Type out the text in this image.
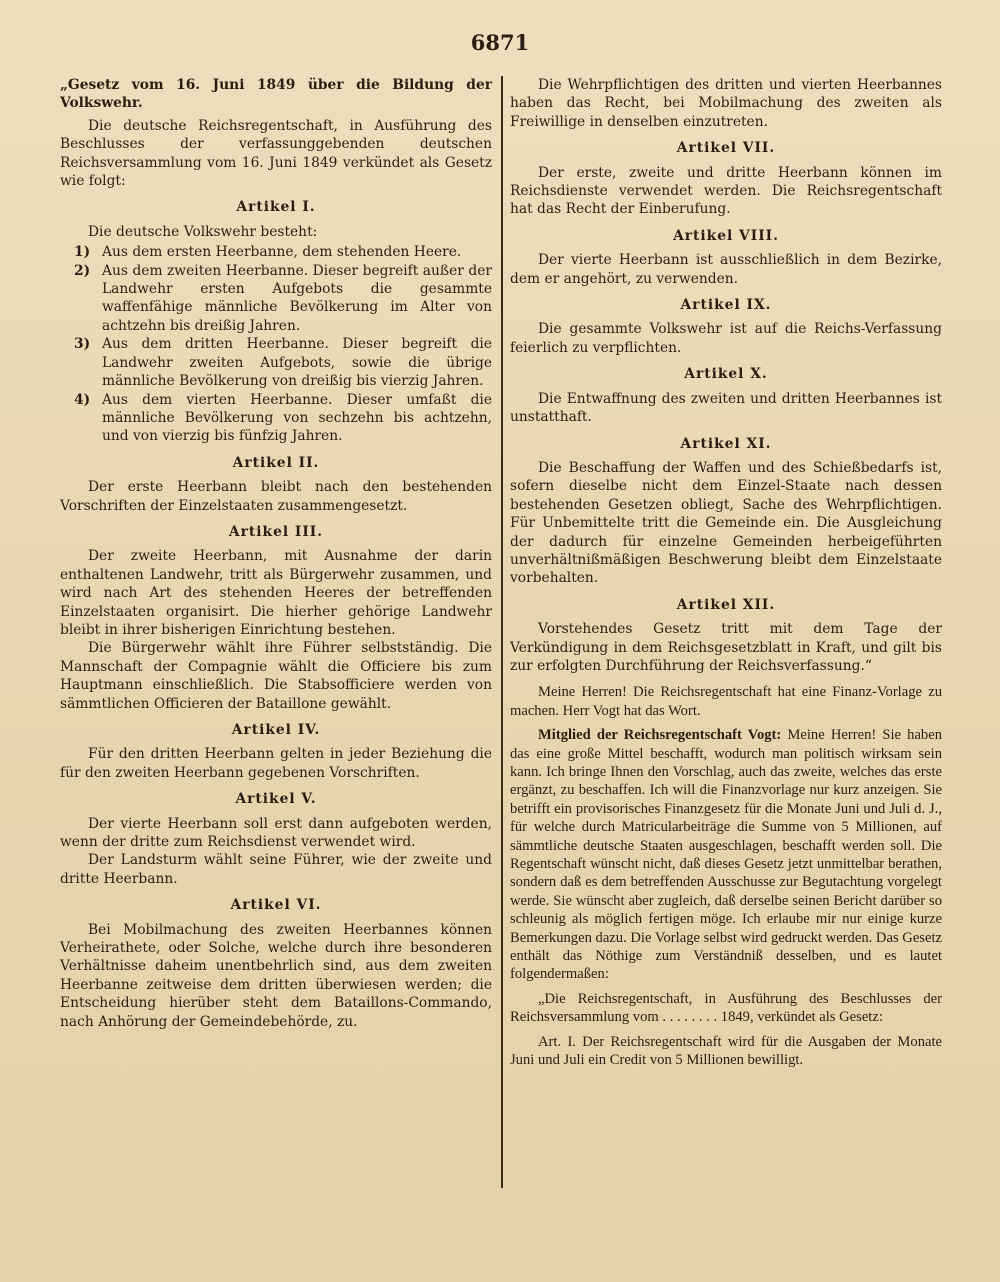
6871

„Gesetz vom 16. Juni 1849 über die Bildung der Volkswehr.

Die deutsche Reichsregentschaft, in Ausführung des Beschlusses der verfassunggebenden deutschen Reichsversammlung vom 16. Juni 1849 verkündet als Gesetz wie folgt:

Artikel I.

Die deutsche Volkswehr besteht:

1) Aus dem ersten Heerbanne, dem stehenden Heere.
2) Aus dem zweiten Heerbanne. Dieser begreift außer der Landwehr ersten Aufgebots die gesammte waffenfähige männliche Bevölkerung im Alter von achtzehn bis dreißig Jahren.
3) Aus dem dritten Heerbanne. Dieser begreift die Landwehr zweiten Aufgebots, sowie die übrige männliche Bevölkerung von dreißig bis vierzig Jahren.
4) Aus dem vierten Heerbanne. Dieser umfaßt die männliche Bevölkerung von sechzehn bis achtzehn, und von vierzig bis fünfzig Jahren.
Artikel II.

Der erste Heerbann bleibt nach den bestehenden Vorschriften der Einzelstaaten zusammengesetzt.

Artikel III.

Der zweite Heerbann, mit Ausnahme der darin enthaltenen Landwehr, tritt als Bürgerwehr zusammen, und wird nach Art des stehenden Heeres der betreffenden Einzelstaaten organisirt. Die hierher gehörige Landwehr bleibt in ihrer bisherigen Einrichtung bestehen.

Die Bürgerwehr wählt ihre Führer selbstständig. Die Mannschaft der Compagnie wählt die Officiere bis zum Hauptmann einschließlich. Die Stabsofficiere werden von sämmtlichen Officieren der Bataillone gewählt.

Artikel IV.

Für den dritten Heerbann gelten in jeder Beziehung die für den zweiten Heerbann gegebenen Vorschriften.

Artikel V.

Der vierte Heerbann soll erst dann aufgeboten werden, wenn der dritte zum Reichsdienst verwendet wird.

Der Landsturm wählt seine Führer, wie der zweite und dritte Heerbann.

Artikel VI.

Bei Mobilmachung des zweiten Heerbannes können Verheirathete, oder Solche, welche durch ihre besonderen Verhältnisse daheim unentbehrlich sind, aus dem zweiten Heerbanne zeitweise dem dritten überwiesen werden; die Entscheidung hierüber steht dem Bataillons-Commando, nach Anhörung der Gemeindebehörde, zu.

Die Wehrpflichtigen des dritten und vierten Heerbannes haben das Recht, bei Mobilmachung des zweiten als Freiwillige in denselben einzutreten.

Artikel VII.

Der erste, zweite und dritte Heerbann können im Reichsdienste verwendet werden. Die Reichsregentschaft hat das Recht der Einberufung.

Artikel VIII.

Der vierte Heerbann ist ausschließlich in dem Bezirke, dem er angehört, zu verwenden.

Artikel IX.

Die gesammte Volkswehr ist auf die Reichs-Verfassung feierlich zu verpflichten.

Artikel X.

Die Entwaffnung des zweiten und dritten Heerbannes ist unstatthaft.

Artikel XI.

Die Beschaffung der Waffen und des Schießbedarfs ist, sofern dieselbe nicht dem Einzel-Staate nach dessen bestehenden Gesetzen obliegt, Sache des Wehrpflichtigen. Für Unbemittelte tritt die Gemeinde ein. Die Ausgleichung der dadurch für einzelne Gemeinden herbeigeführten unverhältnißmäßigen Beschwerung bleibt dem Einzelstaate vorbehalten.

Artikel XII.

Vorstehendes Gesetz tritt mit dem Tage der Verkündigung in dem Reichsgesetzblatt in Kraft, und gilt bis zur erfolgten Durchführung der Reichsverfassung.“

Meine Herren! Die Reichsregentschaft hat eine Finanz-Vorlage zu machen. Herr Vogt hat das Wort.

Mitglied der Reichsregentschaft Vogt: Meine Herren! Sie haben das eine große Mittel beschafft, wodurch man politisch wirksam sein kann. Ich bringe Ihnen den Vorschlag, auch das zweite, welches das erste ergänzt, zu beschaffen. Ich will die Finanzvorlage nur kurz anzeigen. Sie betrifft ein provisorisches Finanzgesetz für die Monate Juni und Juli d. J., für welche durch Matricularbeiträge die Summe von 5 Millionen, auf sämmtliche deutsche Staaten ausgeschlagen, beschafft werden soll. Die Regentschaft wünscht nicht, daß dieses Gesetz jetzt unmittelbar berathen, sondern daß es dem betreffenden Ausschusse zur Begutachtung vorgelegt werde. Sie wünscht aber zugleich, daß derselbe seinen Bericht darüber so schleunig als möglich fertigen möge. Ich erlaube mir nur einige kurze Bemerkungen dazu. Die Vorlage selbst wird gedruckt werden. Das Gesetz enthält das Nöthige zum Verständniß desselben, und es lautet folgendermaßen:

„Die Reichsregentschaft, in Ausführung des Beschlusses der Reichsversammlung vom . . . . . . . . 1849, verkündet als Gesetz:

Art. I. Der Reichsregentschaft wird für die Ausgaben der Monate Juni und Juli ein Credit von 5 Millionen bewilligt.
